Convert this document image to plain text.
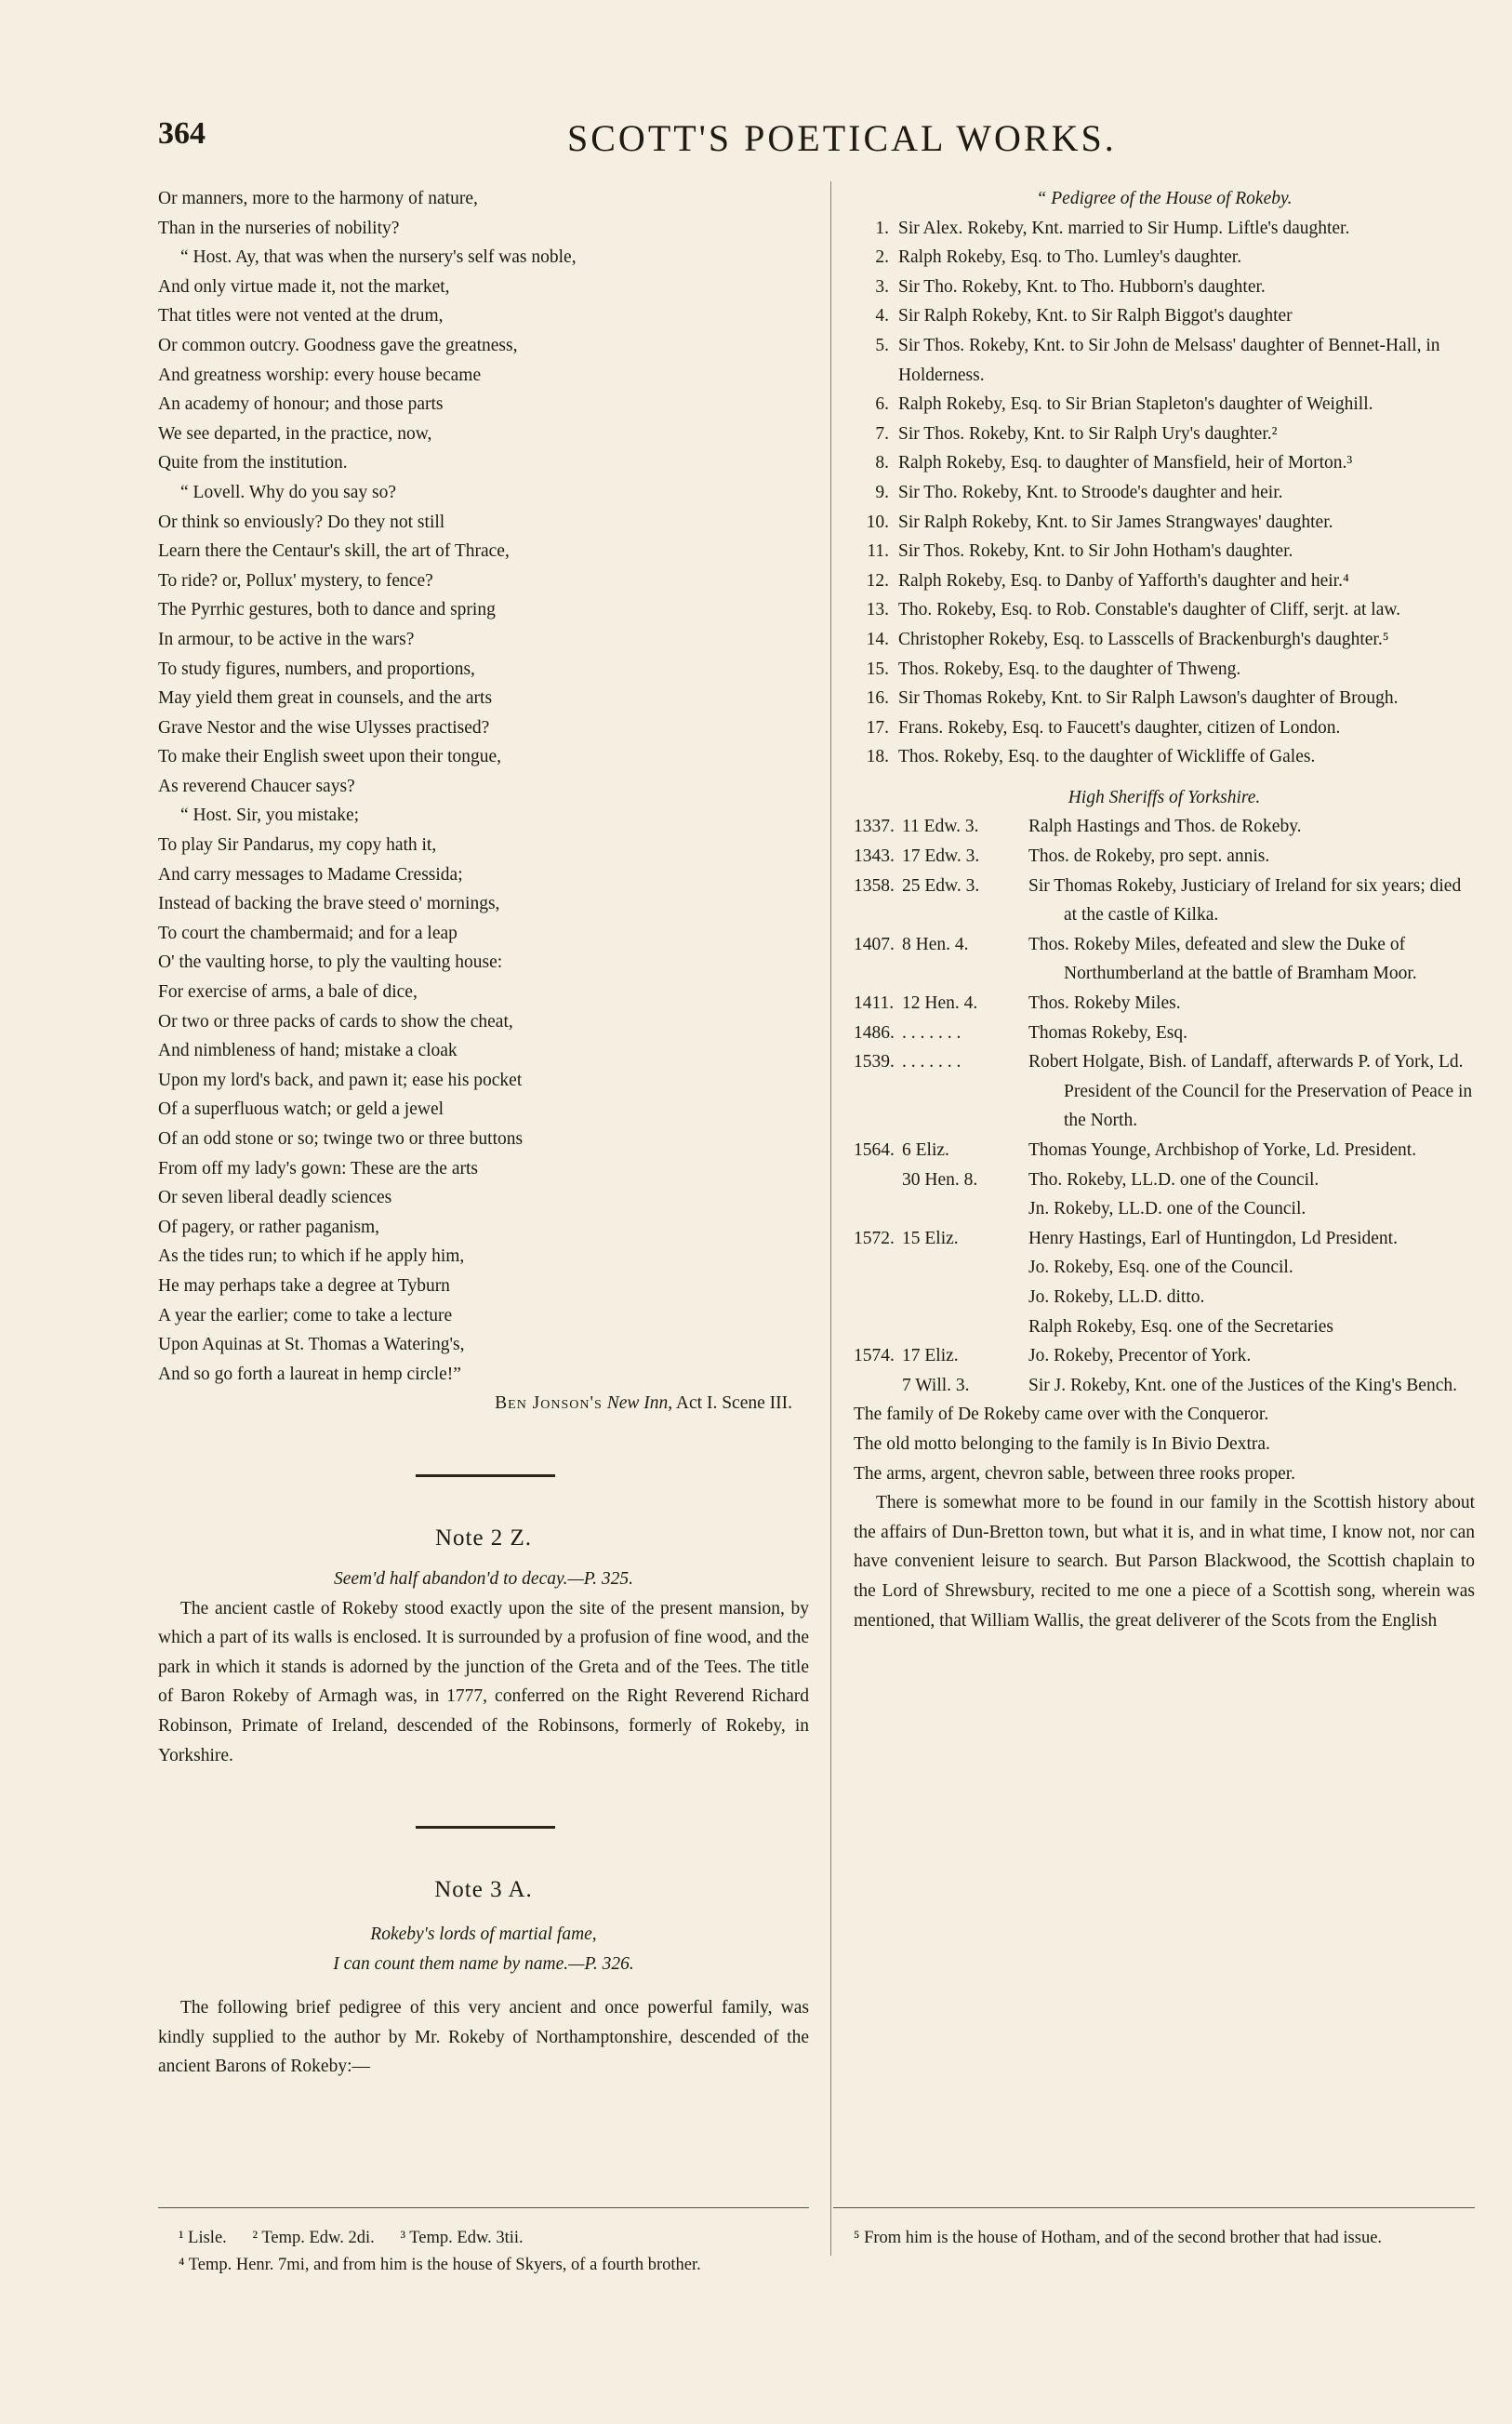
364	SCOTT'S POETICAL WORKS.
Or manners, more to the harmony of nature,
Than in the nurseries of nobility?
“ Host. Ay, that was when the nursery's self was noble,
And only virtue made it, not the market,
That titles were not vented at the drum,
Or common outcry. Goodness gave the greatness,
And greatness worship: every house became
An academy of honour; and those parts
We see departed, in the practice, now,
Quite from the institution.
“ Lovell. Why do you say so?
Or think so enviously? Do they not still
Learn there the Centaur's skill, the art of Thrace,
To ride? or, Pollux' mystery, to fence?
The Pyrrhic gestures, both to dance and spring
In armour, to be active in the wars?
To study figures, numbers, and proportions,
May yield them great in counsels, and the arts
Grave Nestor and the wise Ulysses practised?
To make their English sweet upon their tongue,
As reverend Chaucer says?
“ Host. Sir, you mistake;
To play Sir Pandarus, my copy hath it,
And carry messages to Madame Cressida;
Instead of backing the brave steed o' mornings,
To court the chambermaid; and for a leap
O' the vaulting horse, to ply the vaulting house:
For exercise of arms, a bale of dice,
Or two or three packs of cards to show the cheat,
And nimbleness of hand; mistake a cloak
Upon my lord's back, and pawn it; ease his pocket
Of a superfluous watch; or geld a jewel
Of an odd stone or so; twinge two or three buttons
From off my lady's gown: These are the arts
Or seven liberal deadly sciences
Of pagery, or rather paganism,
As the tides run; to which if he apply him,
He may perhaps take a degree at Tyburn
A year the earlier; come to take a lecture
Upon Aquinas at St. Thomas a Watering's,
And so go forth a laureat in hemp circle!”
Ben Jonson's New Inn, Act I. Scene III.
Note 2 Z.
Seem'd half abandon'd to decay.—P. 325.
The ancient castle of Rokeby stood exactly upon the site of the present mansion, by which a part of its walls is enclosed. It is surrounded by a profusion of fine wood, and the park in which it stands is adorned by the junction of the Greta and of the Tees. The title of Baron Rokeby of Armagh was, in 1777, conferred on the Right Reverend Richard Robinson, Primate of Ireland, descended of the Robinsons, formerly of Rokeby, in Yorkshire.
Note 3 A.
Rokeby's lords of martial fame,
I can count them name by name.—P. 326.
The following brief pedigree of this very ancient and once powerful family, was kindly supplied to the author by Mr. Rokeby of Northamptonshire, descended of the ancient Barons of Rokeby:—
“ Pedigree of the House of Rokeby.
1. Sir Alex. Rokeby, Knt. married to Sir Hump. Liftle's daughter.
2. Ralph Rokeby, Esq. to Tho. Lumley's daughter.
3. Sir Tho. Rokeby, Knt. to Tho. Hubborn's daughter.
4. Sir Ralph Rokeby, Knt. to Sir Ralph Biggot's daughter
5. Sir Thos. Rokeby, Knt. to Sir John de Melsass' daughter of Bennet-Hall, in Holderness.
6. Ralph Rokeby, Esq. to Sir Brian Stapleton's daughter of Weighill.
7. Sir Thos. Rokeby, Knt. to Sir Ralph Ury's daughter.²
8. Ralph Rokeby, Esq. to daughter of Mansfield, heir of Morton.³
9. Sir Tho. Rokeby, Knt. to Stroode's daughter and heir.
10. Sir Ralph Rokeby, Knt. to Sir James Strangwayes' daughter.
11. Sir Thos. Rokeby, Knt. to Sir John Hotham's daughter.
12. Ralph Rokeby, Esq. to Danby of Yafforth's daughter and heir.⁴
13. Tho. Rokeby, Esq. to Rob. Constable's daughter of Cliff, serjt. at law.
14. Christopher Rokeby, Esq. to Lasscells of Brackenburgh's daughter.⁵
15. Thos. Rokeby, Esq. to the daughter of Thweng.
16. Sir Thomas Rokeby, Knt. to Sir Ralph Lawson's daughter of Brough.
17. Frans. Rokeby, Esq. to Faucett's daughter, citizen of London.
18. Thos. Rokeby, Esq. to the daughter of Wickliffe of Gales.
High Sheriffs of Yorkshire.
1337. 11 Edw. 3.	Ralph Hastings and Thos. de Rokeby.
1343. 17 Edw. 3.	Thos. de Rokeby, pro sept. annis.
1358. 25 Edw. 3.	Sir Thomas Rokeby, Justiciary of Ireland for six years; died at the castle of Kilka.
1407. 8 Hen. 4.	Thos. Rokeby Miles, defeated and slew the Duke of Northumberland at the battle of Bramham Moor.
1411. 12 Hen. 4.	Thos. Rokeby Miles.
1486. . . . . . . .	Thomas Rokeby, Esq.
1539. . . . . . . .	Robert Holgate, Bish. of Landaff, afterwards P. of York, Ld. President of the Council for the Preservation of Peace in the North.
1564. 6 Eliz.	Thomas Younge, Archbishop of Yorke, Ld. President.
30 Hen. 8.	Tho. Rokeby, LL.D. one of the Council.
Jn. Rokeby, LL.D. one of the Council.
1572. 15 Eliz.	Henry Hastings, Earl of Huntingdon, Ld President.
Jo. Rokeby, Esq. one of the Council.
Jo. Rokeby, LL.D. ditto.
Ralph Rokeby, Esq. one of the Secretaries
1574. 17 Eliz.	Jo. Rokeby, Precentor of York.
7 Will. 3.	Sir J. Rokeby, Knt. one of the Justices of the King's Bench.
The family of De Rokeby came over with the Conqueror.
The old motto belonging to the family is In Bivio Dextra.
The arms, argent, chevron sable, between three rooks proper.
There is somewhat more to be found in our family in the Scottish history about the affairs of Dun-Bretton town, but what it is, and in what time, I know not, nor can have convenient leisure to search. But Parson Blackwood, the Scottish chaplain to the Lord of Shrewsbury, recited to me one a piece of a Scottish song, wherein was mentioned, that William Wallis, the great deliverer of the Scots from the English
¹ Lisle.      ² Temp. Edw. 2di.      ³ Temp. Edw. 3tii.
⁴ Temp. Henr. 7mi, and from him is the house of Skyers, of a fourth brother.
⁵ From him is the house of Hotham, and of the second brother that had issue.
